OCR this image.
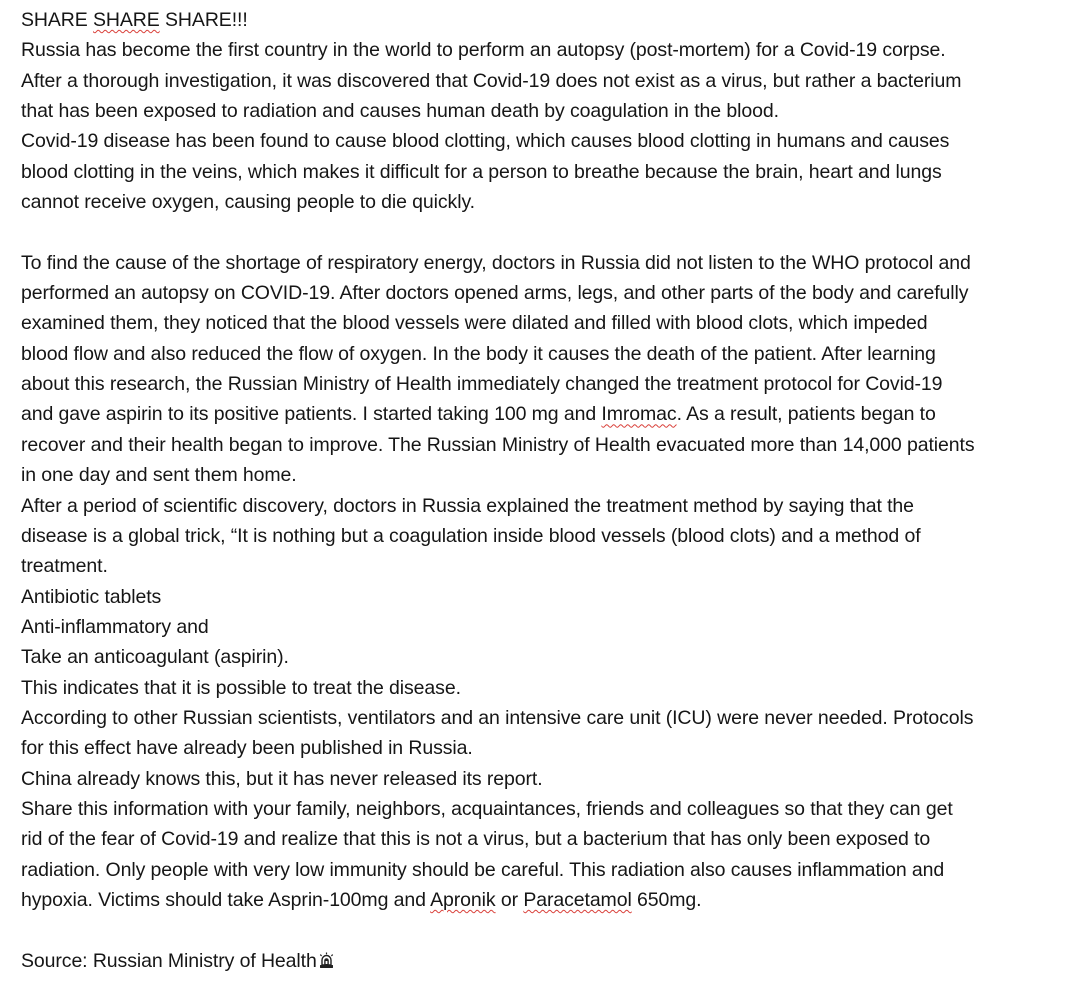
SHARE SHARE SHARE!!!
Russia has become the first country in the world to perform an autopsy (post-mortem) for a Covid-19 corpse.
After a thorough investigation, it was discovered that Covid-19 does not exist as a virus, but rather a bacterium
that has been exposed to radiation and causes human death by coagulation in the blood.
Covid-19 disease has been found to cause blood clotting, which causes blood clotting in humans and causes
blood clotting in the veins, which makes it difficult for a person to breathe because the brain, heart and lungs
cannot receive oxygen, causing people to die quickly.
To find the cause of the shortage of respiratory energy, doctors in Russia did not listen to the WHO protocol and
performed an autopsy on COVID-19. After doctors opened arms, legs, and other parts of the body and carefully
examined them, they noticed that the blood vessels were dilated and filled with blood clots, which impeded
blood flow and also reduced the flow of oxygen. In the body it causes the death of the patient. After learning
about this research, the Russian Ministry of Health immediately changed the treatment protocol for Covid-19
and gave aspirin to its positive patients. I started taking 100 mg and Imromac. As a result, patients began to
recover and their health began to improve. The Russian Ministry of Health evacuated more than 14,000 patients
in one day and sent them home.
After a period of scientific discovery, doctors in Russia explained the treatment method by saying that the
disease is a global trick, “It is nothing but a coagulation inside blood vessels (blood clots) and a method of
treatment.
Antibiotic tablets
Anti-inflammatory and
Take an anticoagulant (aspirin).
This indicates that it is possible to treat the disease.
According to other Russian scientists, ventilators and an intensive care unit (ICU) were never needed. Protocols
for this effect have already been published in Russia.
China already knows this, but it has never released its report.
Share this information with your family, neighbors, acquaintances, friends and colleagues so that they can get
rid of the fear of Covid-19 and realize that this is not a virus, but a bacterium that has only been exposed to
radiation. Only people with very low immunity should be careful. This radiation also causes inflammation and
hypoxia. Victims should take Asprin-100mg and Apronik or Paracetamol 650mg.
Source: Russian Ministry of Health
